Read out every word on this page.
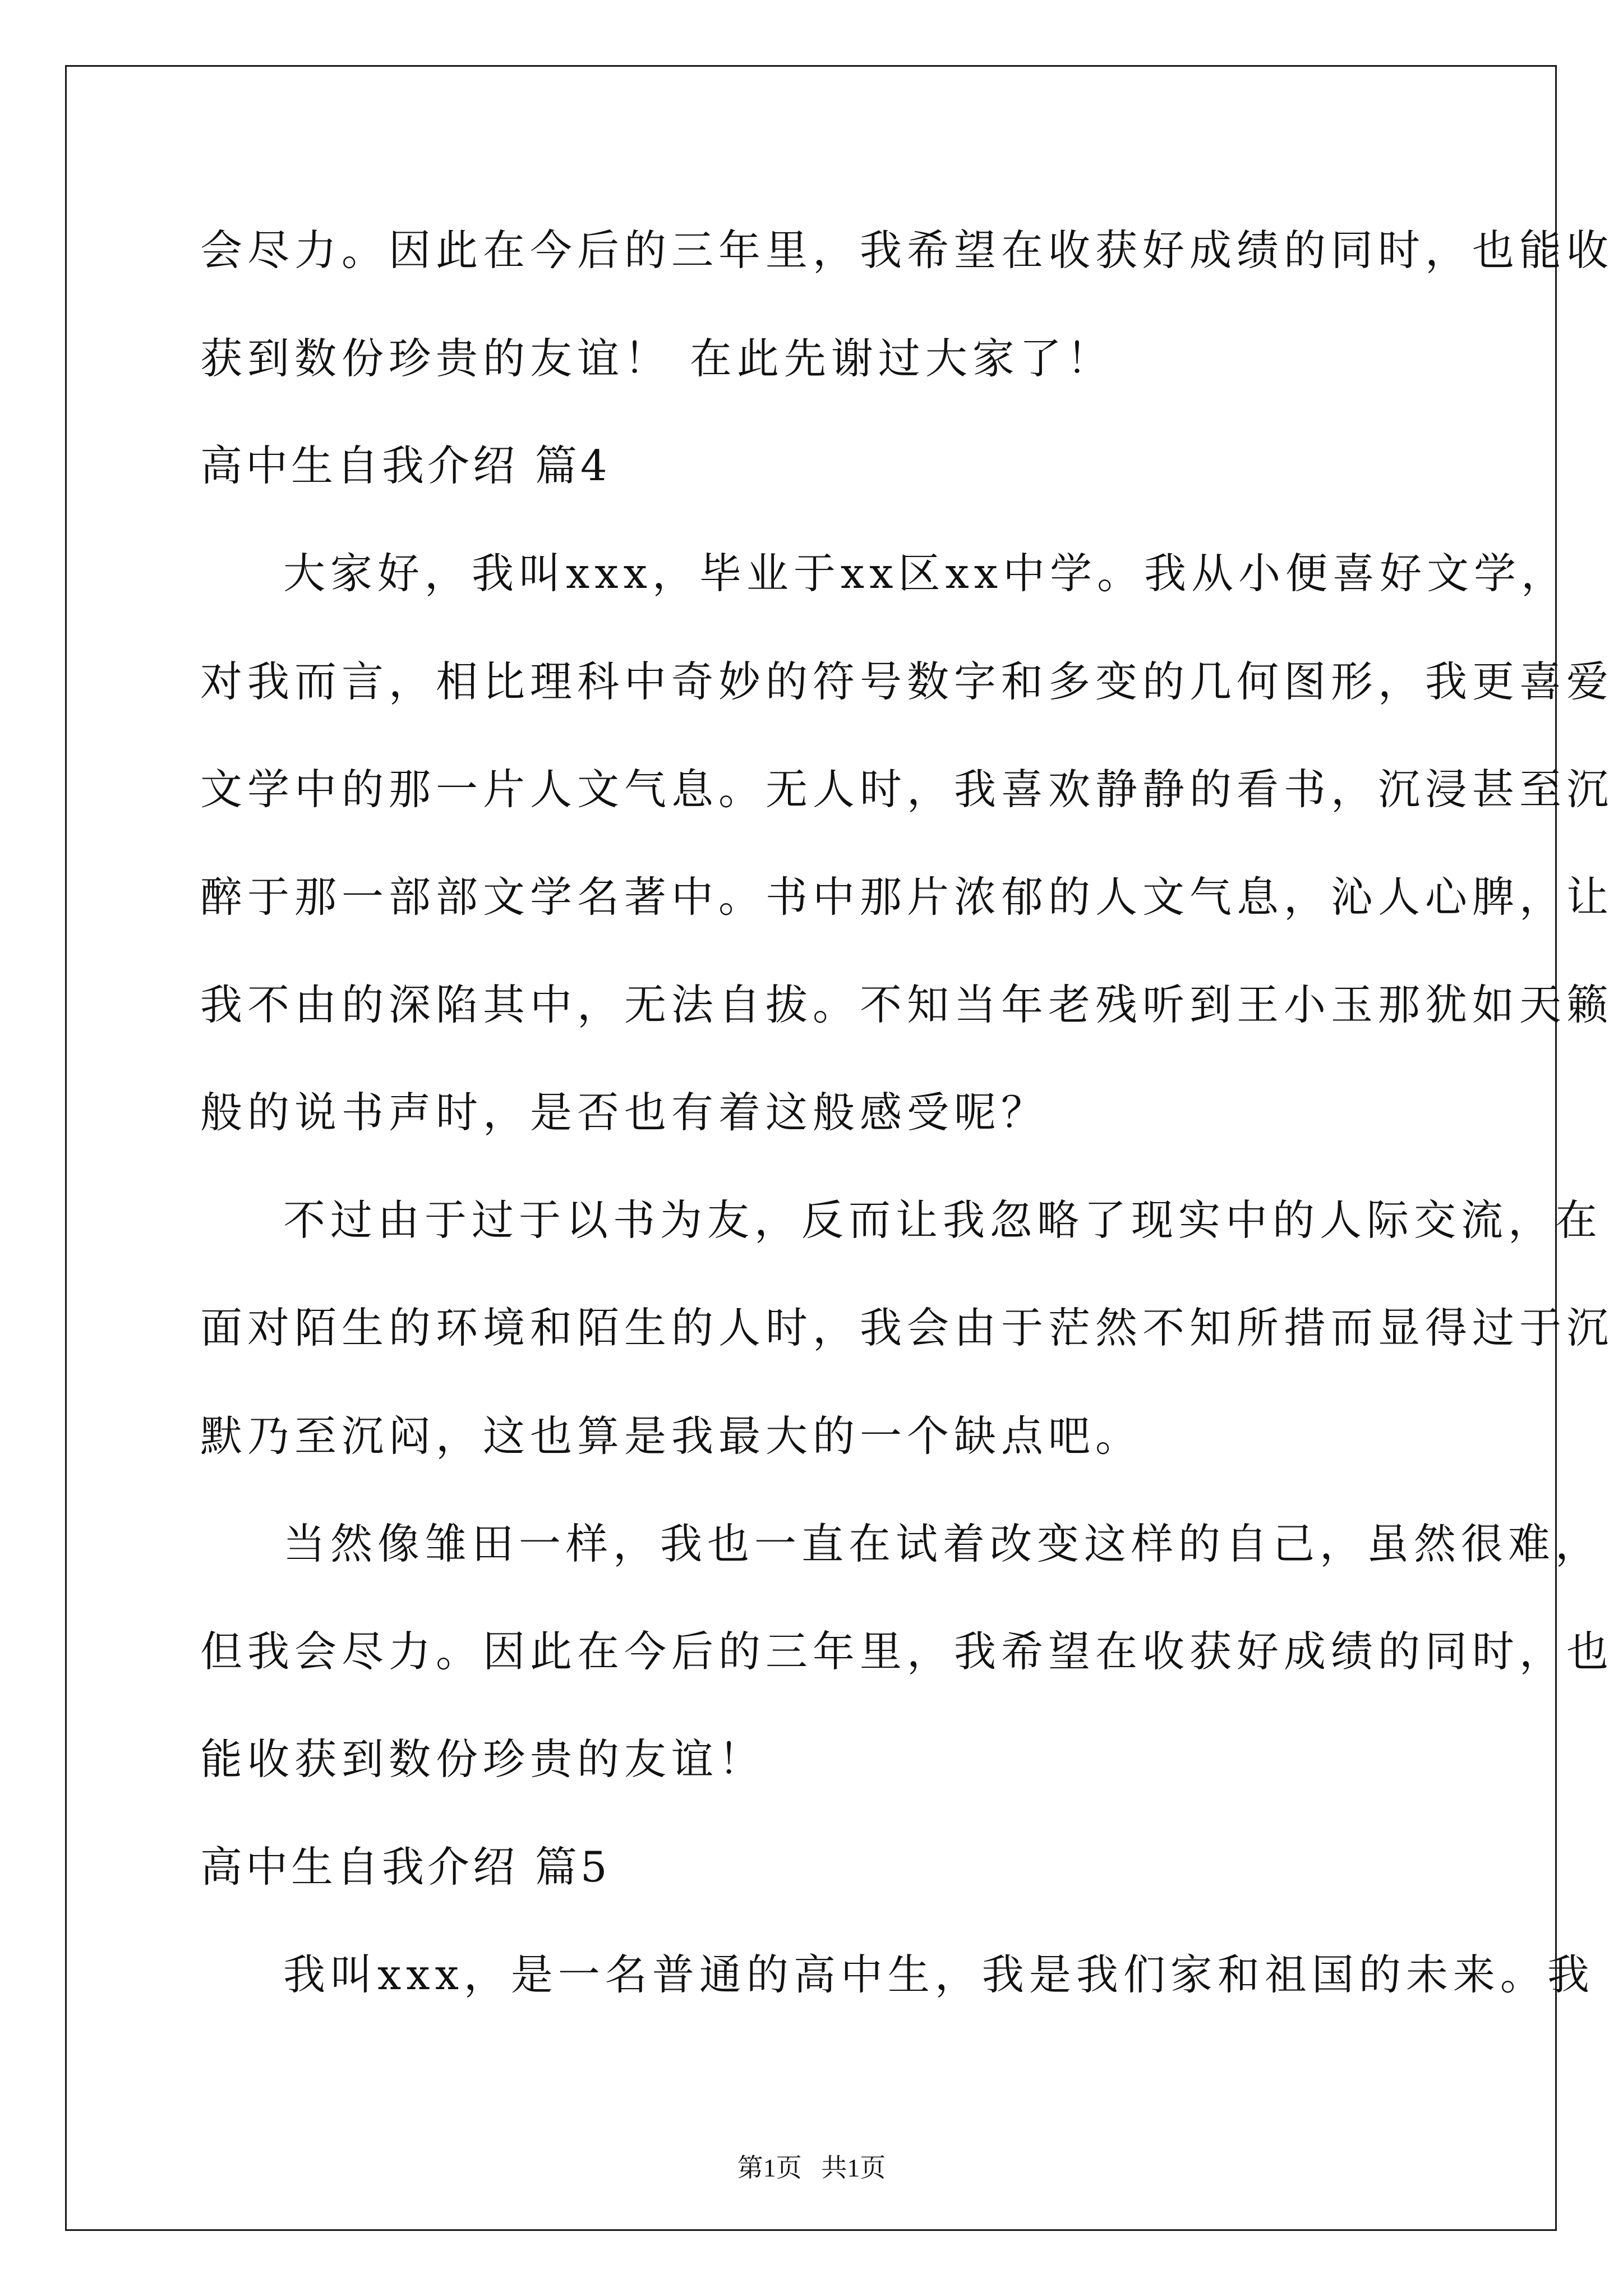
会尽力。因此在今后的三年里，我希望在收获好成绩的同时，也能收
获到数份珍贵的友谊！ 在此先谢过大家了！
高中生自我介绍 篇4
大家好，我叫xxx，毕业于xx区xx中学。我从小便喜好文学，
对我而言，相比理科中奇妙的符号数字和多变的几何图形，我更喜爱
文学中的那一片人文气息。无人时，我喜欢静静的看书，沉浸甚至沉
醉于那一部部文学名著中。书中那片浓郁的人文气息，沁人心脾，让
我不由的深陷其中，无法自拔。不知当年老残听到王小玉那犹如天籁
般的说书声时，是否也有着这般感受呢？
不过由于过于以书为友，反而让我忽略了现实中的人际交流，在
面对陌生的环境和陌生的人时，我会由于茫然不知所措而显得过于沉
默乃至沉闷，这也算是我最大的一个缺点吧。
当然像雏田一样，我也一直在试着改变这样的自己，虽然很难，
但我会尽力。因此在今后的三年里，我希望在收获好成绩的同时，也
能收获到数份珍贵的友谊！
高中生自我介绍 篇5
我叫xxx，是一名普通的高中生，我是我们家和祖国的未来。我
第1页   共1页
